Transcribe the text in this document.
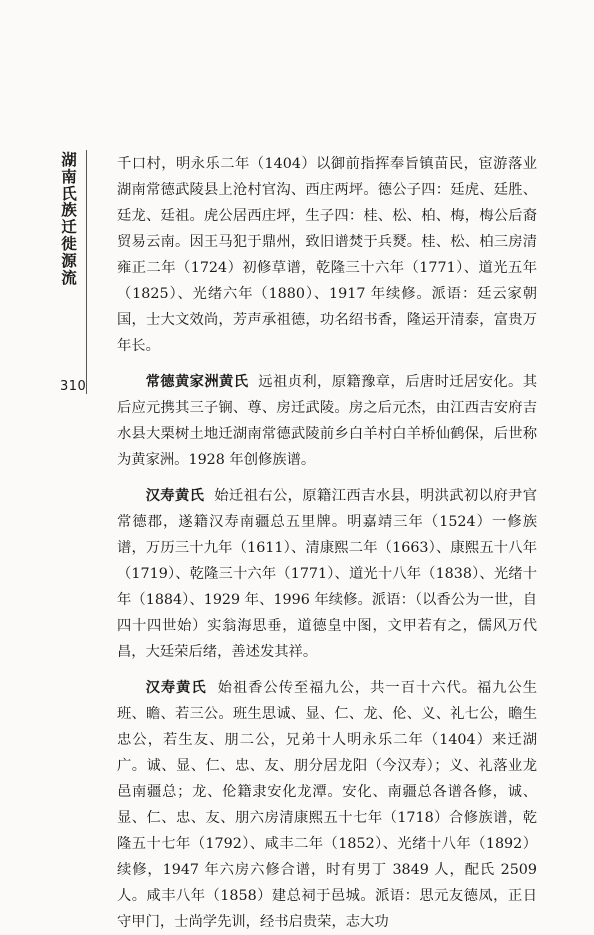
湖南氏族迁徙源流
310

千口村，明永乐二年（1404）以御前指挥奉旨镇苗民，宦游落业湖南常德武陵县上沧村官沟、西庄两坪。德公子四：廷虎、廷胜、廷龙、廷祖。虎公居西庄坪，生子四：桂、松、柏、梅，梅公后裔贸易云南。因王马犯于鼎州，致旧谱焚于兵燹。桂、松、柏三房清雍正二年（1724）初修草谱，乾隆三十六年（1771）、道光五年（1825）、光绪六年（1880）、1917 年续修。派语：廷云家朝国，士大文效尚，芳声承祖德，功名绍书香，隆运开清泰，富贵万年长。

常德黄家洲黄氏 远祖贞利，原籍豫章，后唐时迁居安化。其后应元携其三子锎、尊、房迁武陵。房之后元杰，由江西吉安府吉水县大栗树土地迁湖南常德武陵前乡白羊村白羊桥仙鹤保，后世称为黄家洲。1928 年创修族谱。

汉寿黄氏 始迁祖右公，原籍江西吉水县，明洪武初以府尹官常德郡，遂籍汉寿南疆总五里牌。明嘉靖三年（1524）一修族谱，万历三十九年（1611）、清康熙二年（1663）、康熙五十八年（1719）、乾隆三十六年（1771）、道光十八年（1838）、光绪十年（1884）、1929 年、1996 年续修。派语：（以香公为一世，自四十四世始）实翁海思垂，道德皇中图，文甲若有之，儒风万代昌，大廷荣后绪，善述发其祥。

汉寿黄氏 始祖香公传至福九公，共一百十六代。福九公生班、瞻、若三公。班生思诚、显、仁、龙、伦、义、礼七公，瞻生忠公，若生友、朋二公，兄弟十人明永乐二年（1404）来迁湖广。诚、显、仁、忠、友、朋分居龙阳（今汉寿）；义、礼落业龙邑南疆总；龙、伦籍隶安化龙潭。安化、南疆总各谱各修，诚、显、仁、忠、友、朋六房清康熙五十七年（1718）合修族谱，乾隆五十七年（1792）、咸丰二年（1852）、光绪十八年（1892）续修，1947 年六房六修合谱，时有男丁 3849 人，配氏 2509 人。咸丰八年（1858）建总祠于邑城。派语：思元友德凤，正日守甲门，士尚学先训，经书启贵荣，志大功
